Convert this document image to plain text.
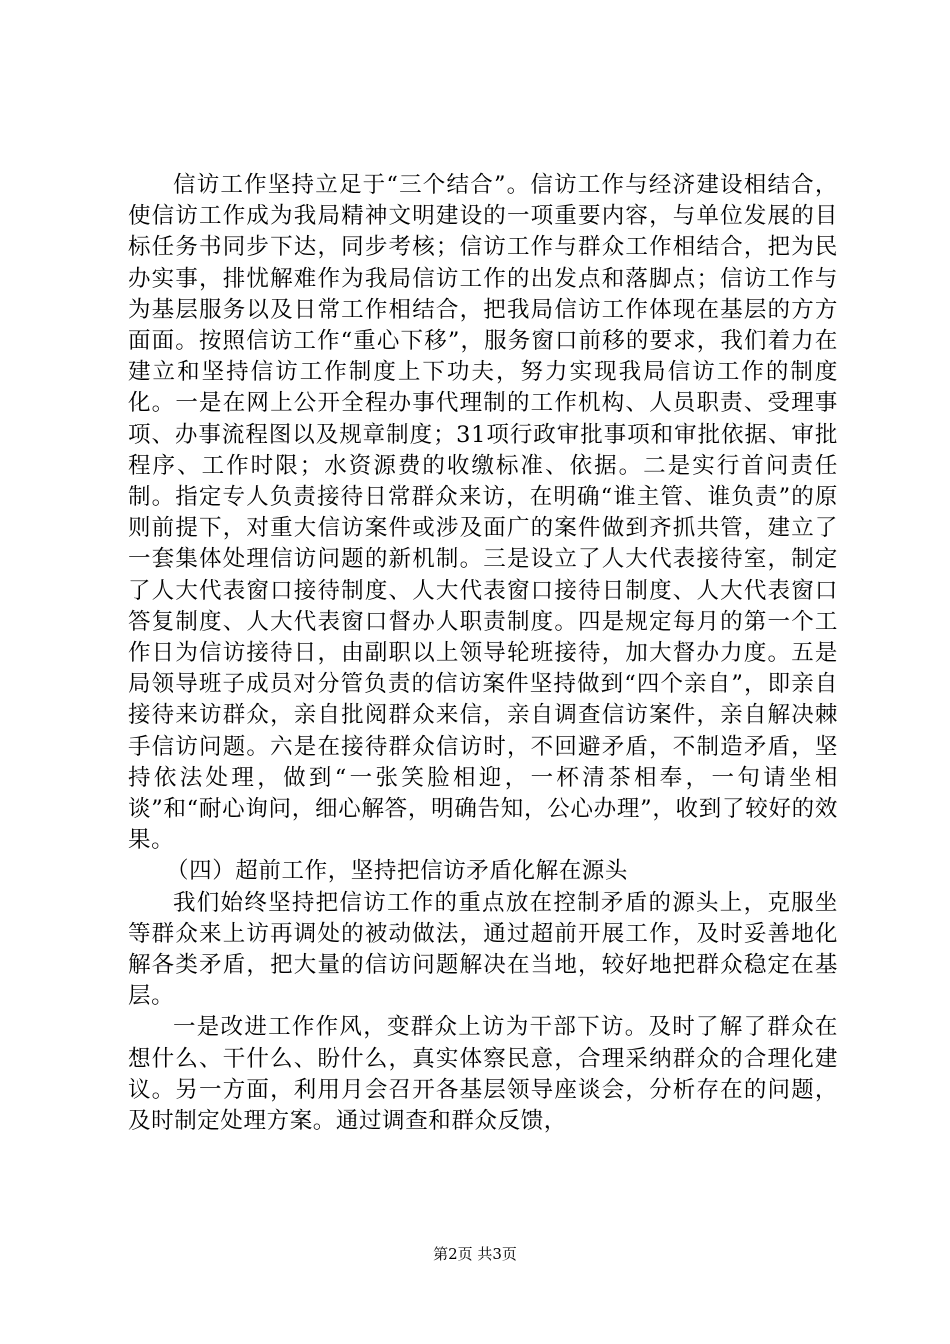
信访工作坚持立足于“三个结合”。信访工作与经济建设相结合，使信访工作成为我局精神文明建设的一项重要内容，与单位发展的目标任务书同步下达，同步考核；信访工作与群众工作相结合，把为民办实事，排忧解难作为我局信访工作的出发点和落脚点；信访工作与为基层服务以及日常工作相结合，把我局信访工作体现在基层的方方面面。按照信访工作“重心下移”，服务窗口前移的要求，我们着力在建立和坚持信访工作制度上下功夫，努力实现我局信访工作的制度化。一是在网上公开全程办事代理制的工作机构、人员职责、受理事项、办事流程图以及规章制度；31项行政审批事项和审批依据、审批程序、工作时限；水资源费的收缴标准、依据。二是实行首问责任制。指定专人负责接待日常群众来访，在明确“谁主管、谁负责”的原则前提下，对重大信访案件或涉及面广的案件做到齐抓共管，建立了一套集体处理信访问题的新机制。三是设立了人大代表接待室，制定了人大代表窗口接待制度、人大代表窗口接待日制度、人大代表窗口答复制度、人大代表窗口督办人职责制度。四是规定每月的第一个工作日为信访接待日，由副职以上领导轮班接待，加大督办力度。五是局领导班子成员对分管负责的信访案件坚持做到“四个亲自”，即亲自接待来访群众，亲自批阅群众来信，亲自调查信访案件，亲自解决棘手信访问题。六是在接待群众信访时，不回避矛盾，不制造矛盾，坚持依法处理，做到“一张笑脸相迎，一杯清茶相奉，一句请坐相谈”和“耐心询问，细心解答，明确告知，公心办理”，收到了较好的效果。

（四）超前工作，坚持把信访矛盾化解在源头

我们始终坚持把信访工作的重点放在控制矛盾的源头上，克服坐等群众来上访再调处的被动做法，通过超前开展工作，及时妥善地化解各类矛盾，把大量的信访问题解决在当地，较好地把群众稳定在基层。

一是改进工作作风，变群众上访为干部下访。及时了解了群众在想什么、干什么、盼什么，真实体察民意，合理采纳群众的合理化建议。另一方面，利用月会召开各基层领导座谈会，分析存在的问题，及时制定处理方案。通过调查和群众反馈，

第2页 共3页
